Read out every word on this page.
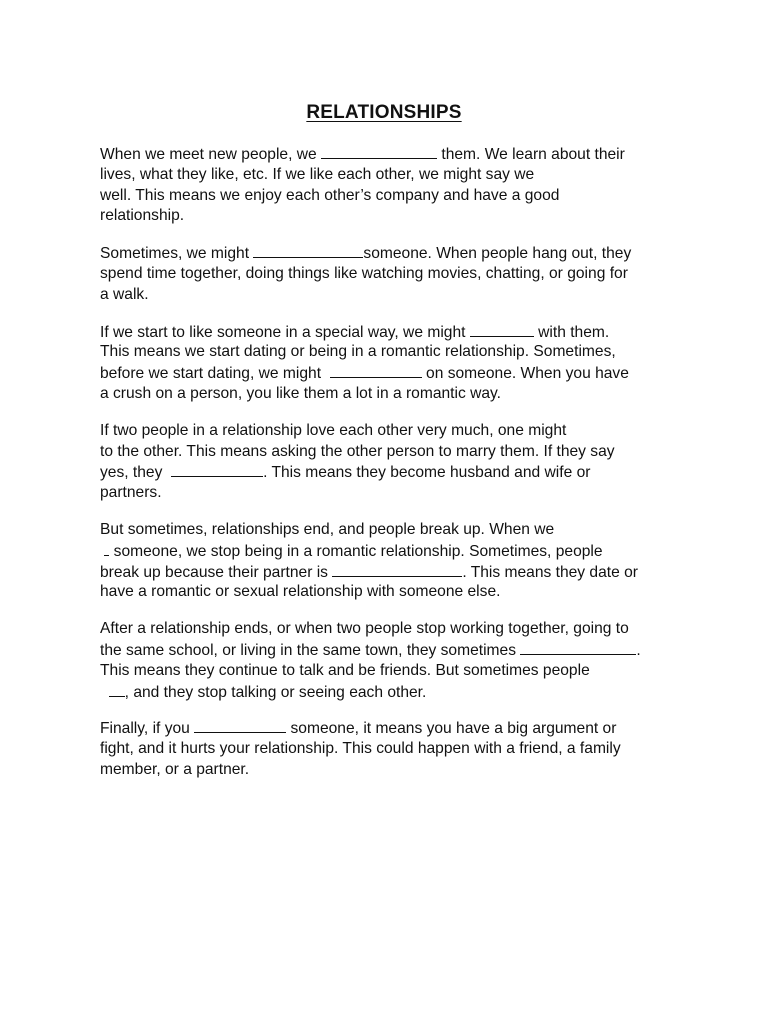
RELATIONSHIPS
When we meet new people, we	them. We learn about their
lives, what they like, etc. If we like each other, we might say we
well. This means we enjoy each other’s company and have a good
relationship.
Sometimes, we might	someone. When people hang out, they
spend time together, doing things like watching movies, chatting, or going for
a walk.
If we start to like someone in a special way, we might	with them.
This means we start dating or being in a romantic relationship. Sometimes,
before we start dating, we might	on someone. When you have
a crush on a person, you like them a lot in a romantic way.
If two people in a relationship love each other very much, one might
to the other. This means asking the other person to marry them. If they say
yes, they	. This means they become husband and wife or
partners.
But sometimes, relationships end, and people break up. When we
someone, we stop being in a romantic relationship. Sometimes, people
break up because their partner is	. This means they date or
have a romantic or sexual relationship with someone else.
After a relationship ends, or when two people stop working together, going to
the same school, or living in the same town, they sometimes	.
This means they continue to talk and be friends. But sometimes people
, and they stop talking or seeing each other.
Finally, if you	someone, it means you have a big argument or
fight, and it hurts your relationship. This could happen with a friend, a family
member, or a partner.
